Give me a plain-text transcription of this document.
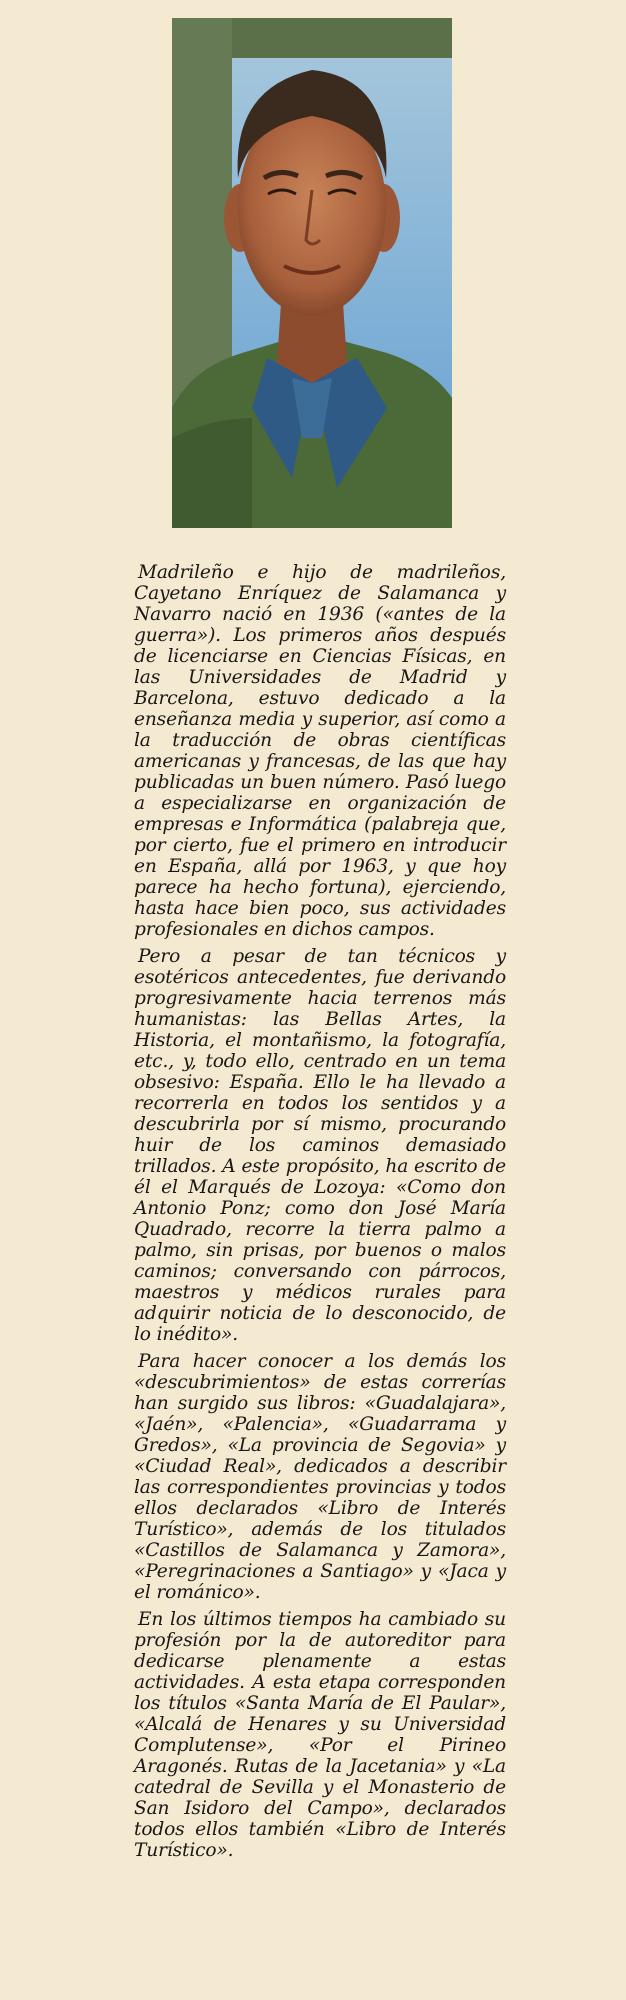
Madrileño e hijo de madrileños, Cayetano Enríquez de Salamanca y Navarro nació en 1936 («antes de la guerra»). Los primeros años después de licenciarse en Ciencias Físicas, en las Universidades de Madrid y Barcelona, estuvo dedicado a la enseñanza media y superior, así como a la traducción de obras científicas americanas y francesas, de las que hay publicadas un buen número. Pasó luego a especializarse en organización de empresas e Informática (palabreja que, por cierto, fue el primero en introducir en España, allá por 1963, y que hoy parece ha hecho fortuna), ejerciendo, hasta hace bien poco, sus actividades profesionales en dichos campos.

Pero a pesar de tan técnicos y esotéricos antecedentes, fue derivando progresivamente hacia terrenos más humanistas: las Bellas Artes, la Historia, el montañismo, la fotografía, etc., y, todo ello, centrado en un tema obsesivo: España. Ello le ha llevado a recorrerla en todos los sentidos y a descubrirla por sí mismo, procurando huir de los caminos demasiado trillados. A este propósito, ha escrito de él el Marqués de Lozoya: «Como don Antonio Ponz; como don José María Quadrado, recorre la tierra palmo a palmo, sin prisas, por buenos o malos caminos; conversando con párrocos, maestros y médicos rurales para adquirir noticia de lo desconocido, de lo inédito».

Para hacer conocer a los demás los «descubrimientos» de estas correrías han surgido sus libros: «Guadalajara», «Jaén», «Palencia», «Guadarrama y Gredos», «La provincia de Segovia» y «Ciudad Real», dedicados a describir las correspondientes provincias y todos ellos declarados «Libro de Interés Turístico», además de los titulados «Castillos de Salamanca y Zamora», «Peregrinaciones a Santiago» y «Jaca y el románico».

En los últimos tiempos ha cambiado su profesión por la de autoreditor para dedicarse plenamente a estas actividades. A esta etapa corresponden los títulos «Santa María de El Paular», «Alcalá de Henares y su Universidad Complutense», «Por el Pirineo Aragonés. Rutas de la Jacetania» y «La catedral de Sevilla y el Monasterio de San Isidoro del Campo», declarados todos ellos también «Libro de Interés Turístico».
